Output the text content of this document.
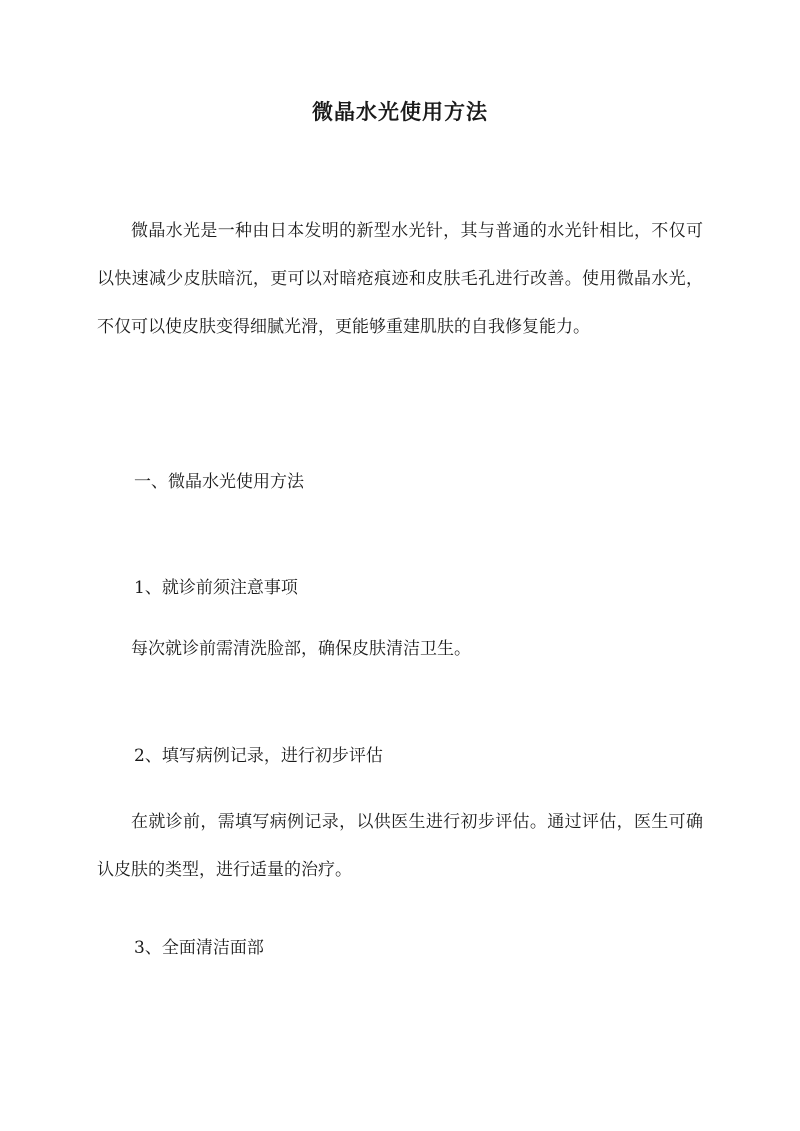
微晶水光使用方法
微晶水光是一种由日本发明的新型水光针，其与普通的水光针相比，不仅可以快速减少皮肤暗沉，更可以对暗疮痕迹和皮肤毛孔进行改善。使用微晶水光，不仅可以使皮肤变得细腻光滑，更能够重建肌肤的自我修复能力。
一、微晶水光使用方法
1、就诊前须注意事项
每次就诊前需清洗脸部，确保皮肤清洁卫生。
2、填写病例记录，进行初步评估
在就诊前，需填写病例记录，以供医生进行初步评估。通过评估，医生可确认皮肤的类型，进行适量的治疗。
3、全面清洁面部
